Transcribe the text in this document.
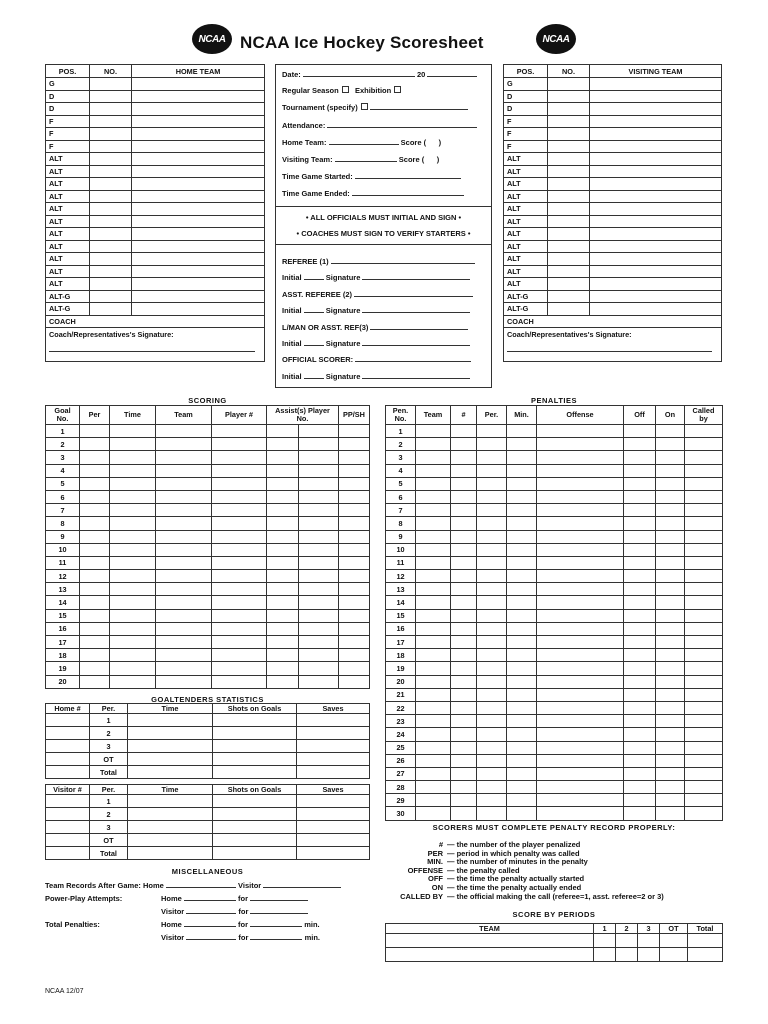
NCAA NCAA Ice Hockey Scoresheet	NCAA
POS.	NO.	HOME TEAM
G		
D		
D		
F		
F		
F		
ALT		
ALT		
ALT		
ALT		
ALT		
ALT		
ALT		
ALT		
ALT		
ALT		
ALT		
ALT-G		
ALT-G		
COACH		

Coach/Representatives's Signature:		
POS.	NO.	VISITING TEAM
G		
D		
D		
F		
F		
F		
ALT		
ALT		
ALT		
ALT		
ALT		
ALT		
ALT		
ALT		
ALT		
ALT		
ALT		
ALT-G		
ALT-G		
COACH		

Coach/Representatives's Signature:		
Date:	20
Regular Season Exhibition
Tournament (specify)
Attendance:
Home Team:	Score ( )
Visiting Team:	Score ( )
Time Game Started:
Time Game Ended:
• ALL OFFICIALS MUST INITIAL AND SIGN •
• COACHES MUST SIGN TO VERIFY STARTERS •
REFEREE (1)
Initial	Signature
ASST. REFEREE (2)
Initial	Signature
L/MAN OR ASST. REF(3)
Initial	Signature
OFFICIAL SCORER:
Initial	Signature
SCORING
Goal No.	Per	Time	Team	Player #	Assist(s) Player No.		PP/SH
1							
2							
3							
4							
5							
6							
7							
8							
9							
10							
11							
12							
13							
14							
15							
16							
17							
18							
19							
20							
PENALTIES
Pen. No.	Team	#	Per.	Min.	Offense	Off	On	Called by
1								
2								
3								
4								
5								
6								
7								
8								
9								
10								
11								
12								
13								
14								
15								
16								
17								
18								
19								
20								
21								
22								
23								
24								
25								
26								
27								
28								
29								
30								
GOALTENDERS STATISTICS
Home #	Per.	Time	Shots on Goals	Saves
	1			
	2			
	3			
	OT			
	Total			
Visitor #	Per.	Time	Shots on Goals	Saves
	1			
	2			
	3			
	OT			
	Total			
MISCELLANEOUS
Team Records After Game: Home	Visitor
Power-Play Attempts:	Home	for
Visitor	for
Total Penalties:	Home	for	min.
Visitor	for	min.
SCORERS MUST COMPLETE PENALTY RECORD PROPERLY:
# — the number of the player penalized
PER — period in which penalty was called
MIN. — the number of minutes in the penalty
OFFENSE — the penalty called
OFF — the time the penalty actually started
ON — the time the penalty actually ended
CALLED BY — the official making the call (referee=1, asst. referee=2 or 3)
SCORE BY PERIODS
TEAM	1	2	3	OT	Total

NCAA 12/07
